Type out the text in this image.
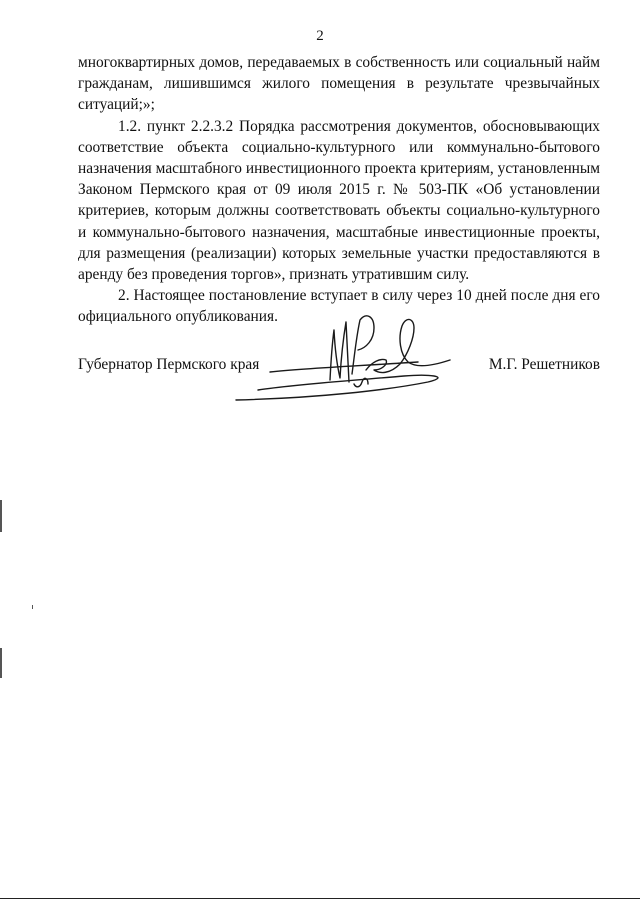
2

многоквартирных домов, передаваемых в собственность или социальный найм гражданам, лишившимся жилого помещения в результате чрезвычайных ситуаций;»;

1.2. пункт 2.2.3.2 Порядка рассмотрения документов, обосновывающих соответствие объекта социально-культурного или коммунально-бытового назначения масштабного инвестиционного проекта критериям, установленным Законом Пермского края от 09 июля 2015 г. № 503-ПК «Об установлении критериев, которым должны соответствовать объекты социально-культурного и коммунально-бытового назначения, масштабные инвестиционные проекты, для размещения (реализации) которых земельные участки предоставляются в аренду без проведения торгов», признать утратившим силу.

2. Настоящее постановление вступает в силу через 10 дней после дня его официального опубликования.

Губернатор Пермского края	М.Г. Решетников
